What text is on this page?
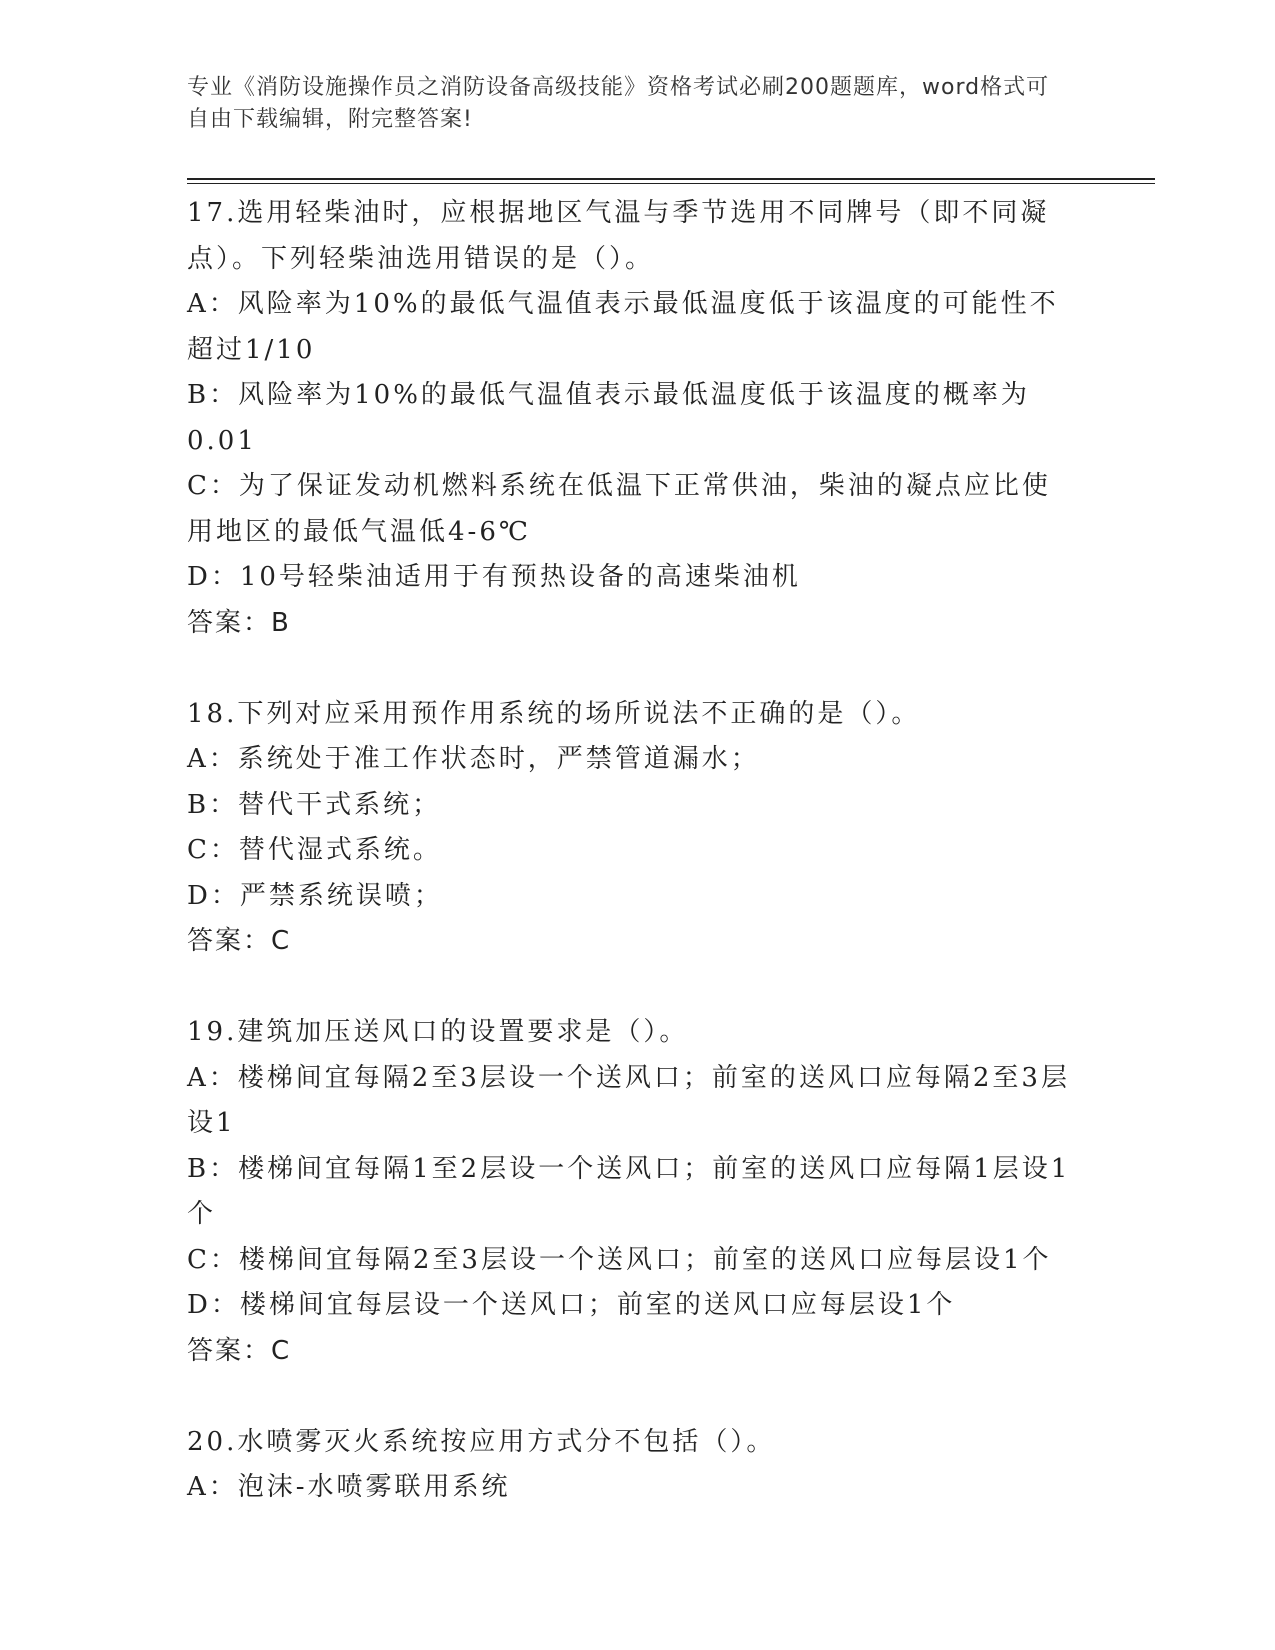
专业《消防设施操作员之消防设备高级技能》资格考试必刷200题题库，word格式可自由下载编辑，附完整答案!

17.选用轻柴油时，应根据地区气温与季节选用不同牌号（即不同凝点）。下列轻柴油选用错误的是（）。

A：风险率为10%的最低气温值表示最低温度低于该温度的可能性不超过1/10

B：风险率为10%的最低气温值表示最低温度低于该温度的概率为0.01

C：为了保证发动机燃料系统在低温下正常供油，柴油的凝点应比使用地区的最低气温低4-6℃

D：10号轻柴油适用于有预热设备的高速柴油机

答案：B

18.下列对应采用预作用系统的场所说法不正确的是（）。

A：系统处于准工作状态时，严禁管道漏水；

B：替代干式系统；

C：替代湿式系统。

D：严禁系统误喷；

答案：C

19.建筑加压送风口的设置要求是（）。

A：楼梯间宜每隔2至3层设一个送风口；前室的送风口应每隔2至3层设1

B：楼梯间宜每隔1至2层设一个送风口；前室的送风口应每隔1层设1个

C：楼梯间宜每隔2至3层设一个送风口；前室的送风口应每层设1个

D：楼梯间宜每层设一个送风口；前室的送风口应每层设1个

答案：C

20.水喷雾灭火系统按应用方式分不包括（）。

A：泡沫-水喷雾联用系统
